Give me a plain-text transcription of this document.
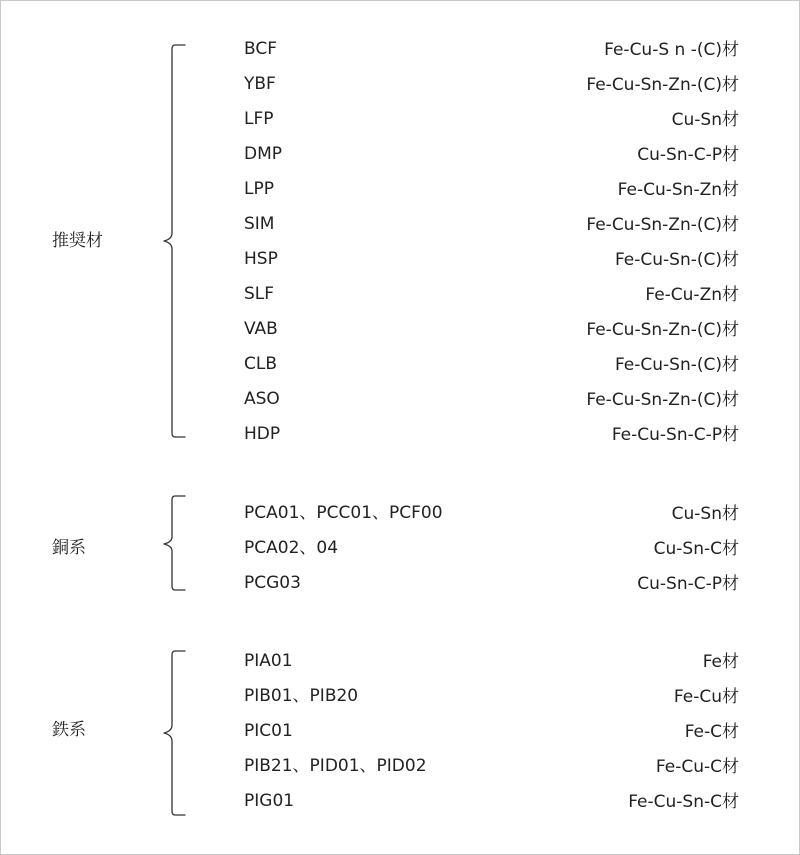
推奨材
BCF	Fe-Cu-S n -(C)材
YBF	Fe-Cu-Sn-Zn-(C)材
LFP	Cu-Sn材
DMP	Cu-Sn-C-P材
LPP	Fe-Cu-Sn-Zn材
SIM	Fe-Cu-Sn-Zn-(C)材
HSP	Fe-Cu-Sn-(C)材
SLF	Fe-Cu-Zn材
VAB	Fe-Cu-Sn-Zn-(C)材
CLB	Fe-Cu-Sn-(C)材
ASO	Fe-Cu-Sn-Zn-(C)材
HDP	Fe-Cu-Sn-C-P材
銅系
PCA01、PCC01、PCF00	Cu-Sn材
PCA02、04	Cu-Sn-C材
PCG03	Cu-Sn-C-P材
鉄系
PIA01	Fe材
PIB01、PIB20	Fe-Cu材
PIC01	Fe-C材
PIB21、PID01、PID02	Fe-Cu-C材
PIG01	Fe-Cu-Sn-C材
